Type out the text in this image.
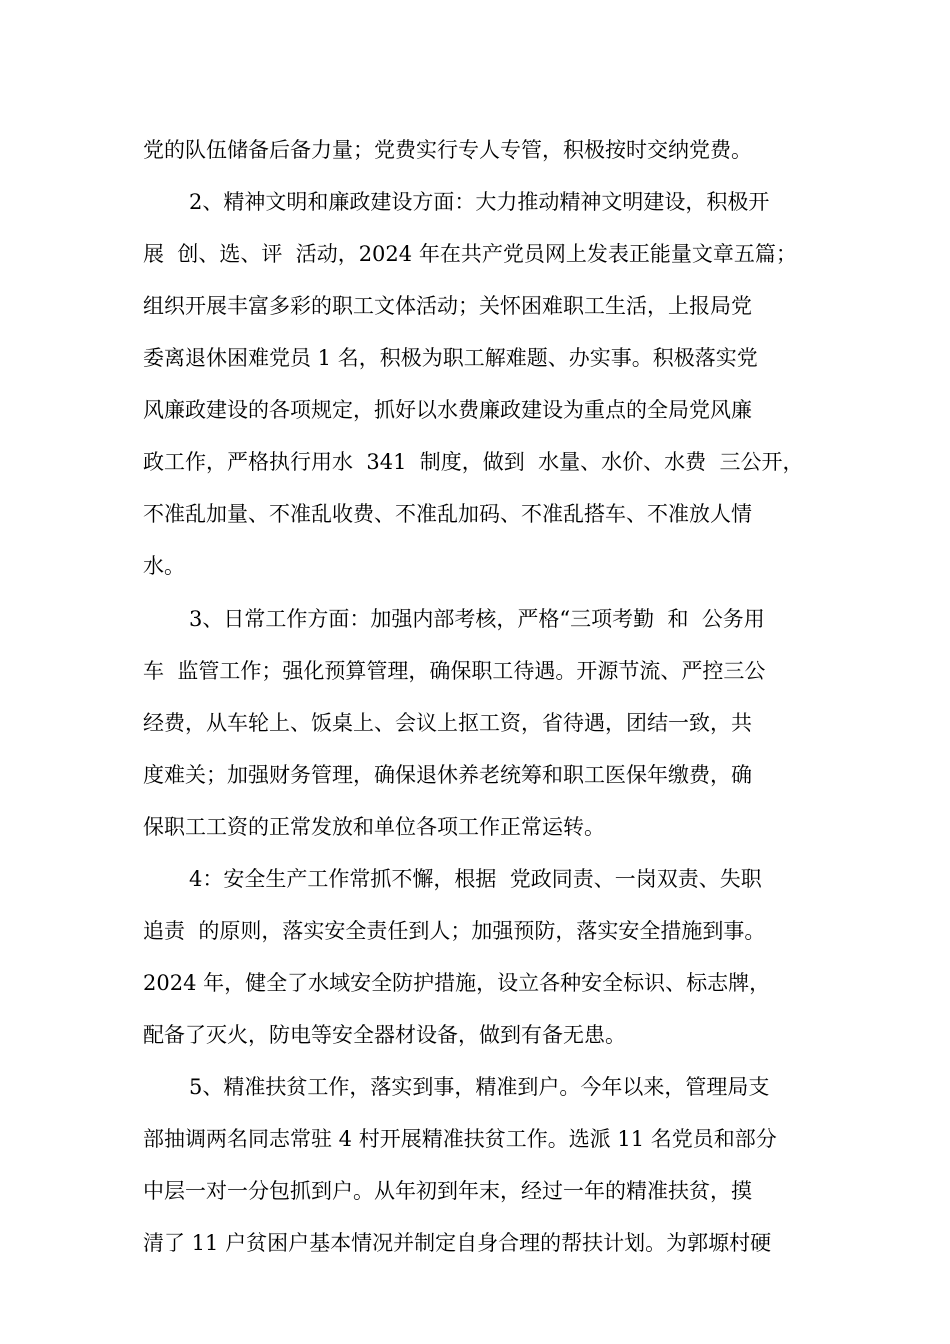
党的队伍储备后备力量；党费实行专人专管，积极按时交纳党费。
2、精神文明和廉政建设方面：大力推动精神文明建设，积极开
展  创、选、评  活动，2024 年在共产党员网上发表正能量文章五篇；
组织开展丰富多彩的职工文体活动；关怀困难职工生活，上报局党
委离退休困难党员 1 名，积极为职工解难题、办实事。积极落实党
风廉政建设的各项规定，抓好以水费廉政建设为重点的全局党风廉
政工作，严格执行用水  341  制度，做到  水量、水价、水费  三公开，
不准乱加量、不准乱收费、不准乱加码、不准乱搭车、不准放人情
水。
3、日常工作方面：加强内部考核，严格“三项考勤  和  公务用
车  监管工作；强化预算管理，确保职工待遇。开源节流、严控三公
经费，从车轮上、饭桌上、会议上抠工资，省待遇，团结一致，共
度难关；加强财务管理，确保退休养老统筹和职工医保年缴费，确
保职工工资的正常发放和单位各项工作正常运转。
4：安全生产工作常抓不懈，根据  党政同责、一岗双责、失职
追责  的原则，落实安全责任到人；加强预防，落实安全措施到事。
2024 年，健全了水域安全防护措施，设立各种安全标识、标志牌，
配备了灭火，防电等安全器材设备，做到有备无患。
5、精准扶贫工作，落实到事，精准到户。今年以来，管理局支
部抽调两名同志常驻 4 村开展精准扶贫工作。选派 11 名党员和部分
中层一对一分包抓到户。从年初到年末，经过一年的精准扶贫，摸
清了 11 户贫困户基本情况并制定自身合理的帮扶计划。为郭塬村硬
